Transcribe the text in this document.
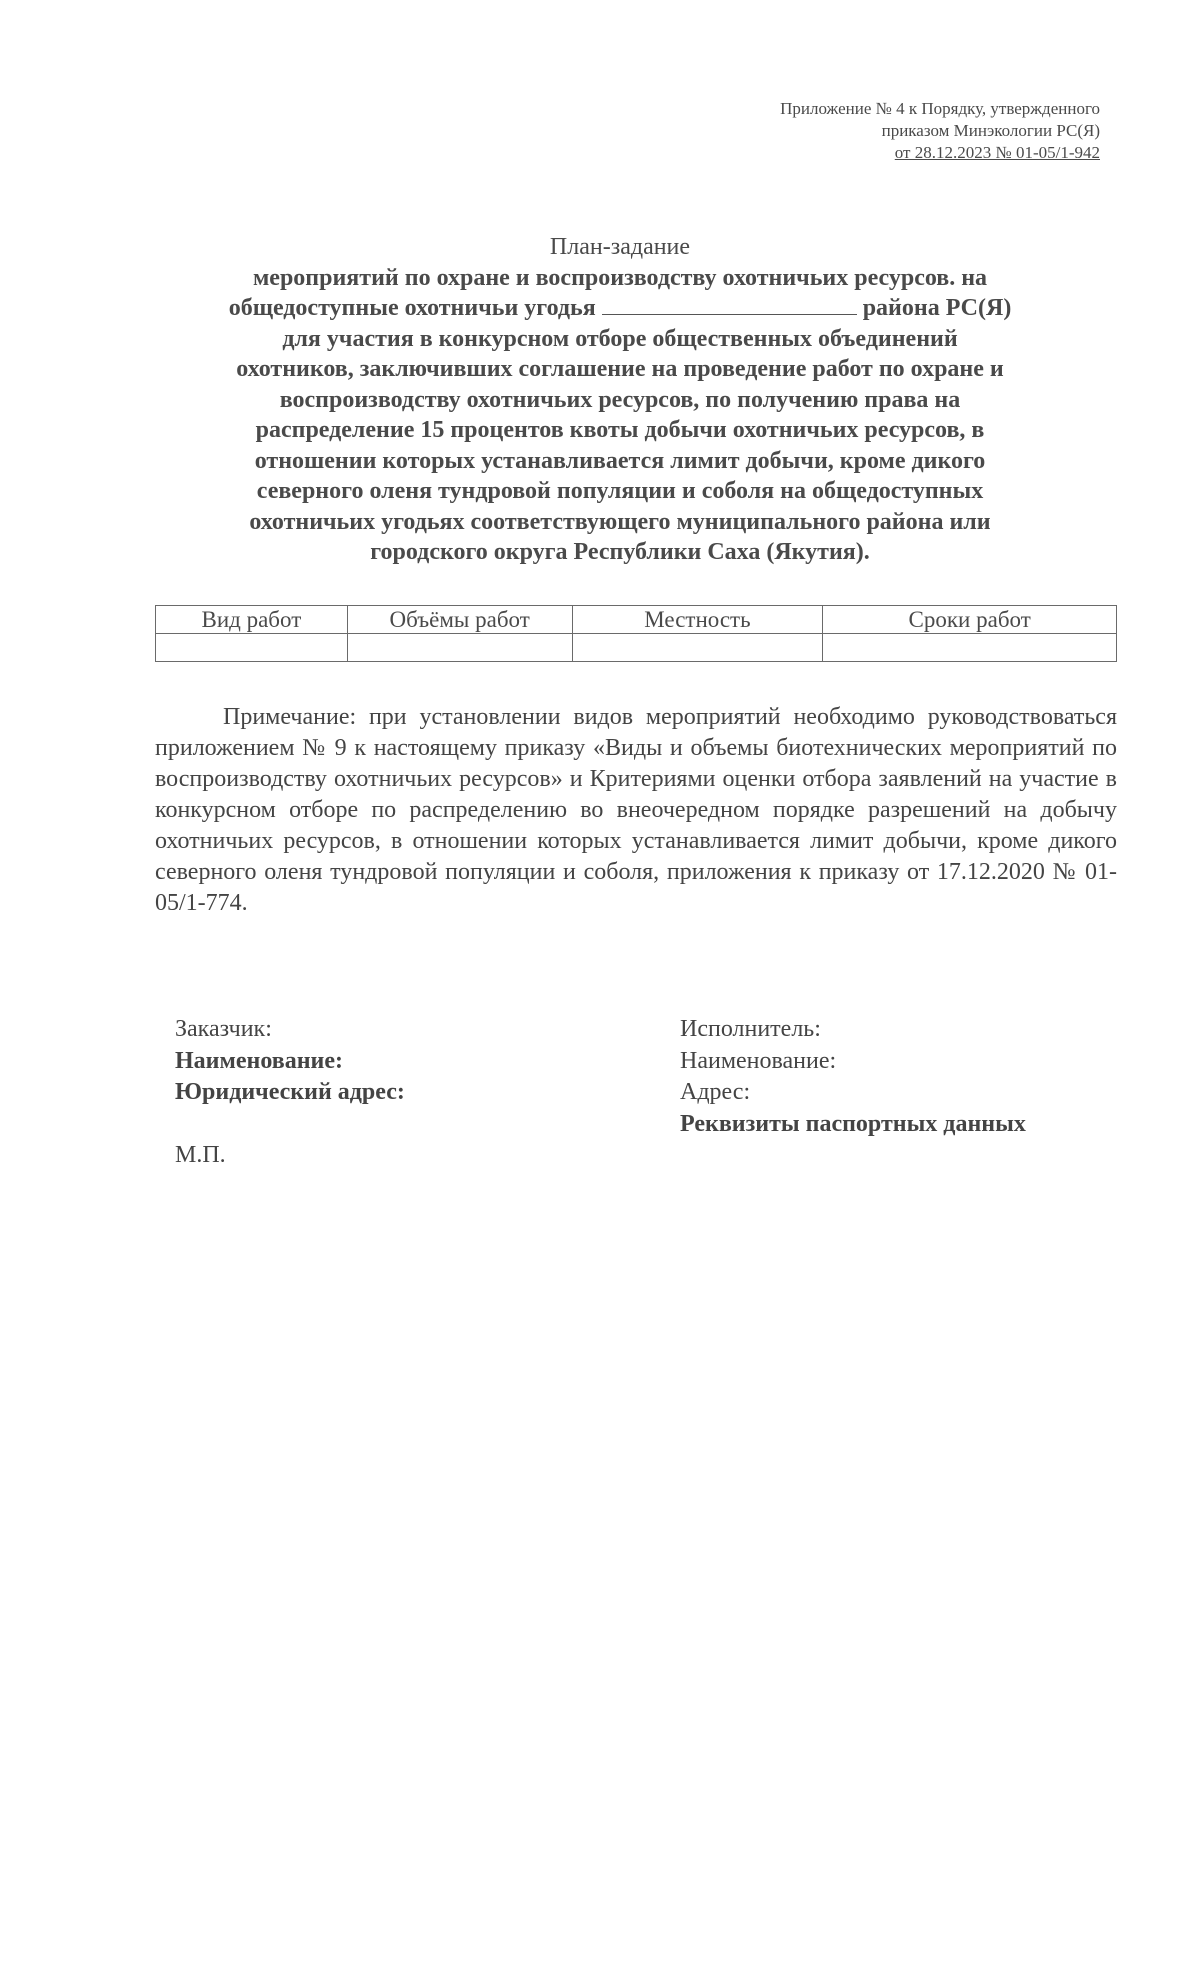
Приложение № 4 к Порядку, утвержденного
приказом Минэкологии РС(Я)
от 28.12.2023 № 01-05/1-942
План-задание
мероприятий по охране и воспроизводству охотничьих ресурсов. на
общедоступные охотничьи угодья	района РС(Я)
для участия в конкурсном отборе общественных объединений
охотников, заключивших соглашение на проведение работ по охране и
воспроизводству охотничьих ресурсов, по получению права на
распределение 15 процентов квоты добычи охотничьих ресурсов, в
отношении которых устанавливается лимит добычи, кроме дикого
северного оленя тундровой популяции и соболя на общедоступных
охотничьих угодьях соответствующего муниципального района или
городского округа Республики Саха (Якутия).
Вид работ	Объёмы работ	Местность	Сроки работ

Примечание: при установлении видов мероприятий необходимо руководствоваться приложением № 9 к настоящему приказу «Виды и объемы биотехнических мероприятий по воспроизводству охотничьих ресурсов» и Критериями оценки отбора заявлений на участие в конкурсном отборе по распределению во внеочередном порядке разрешений на добычу охотничьих ресурсов, в отношении которых устанавливается лимит добычи, кроме дикого северного оленя тундровой популяции и соболя, приложения к приказу от 17.12.2020 № 01-05/1-774.
Заказчик:
Наименование:
Юридический адрес:
Исполнитель:
Наименование:
Адрес:
Реквизиты паспортных данных
М.П.
